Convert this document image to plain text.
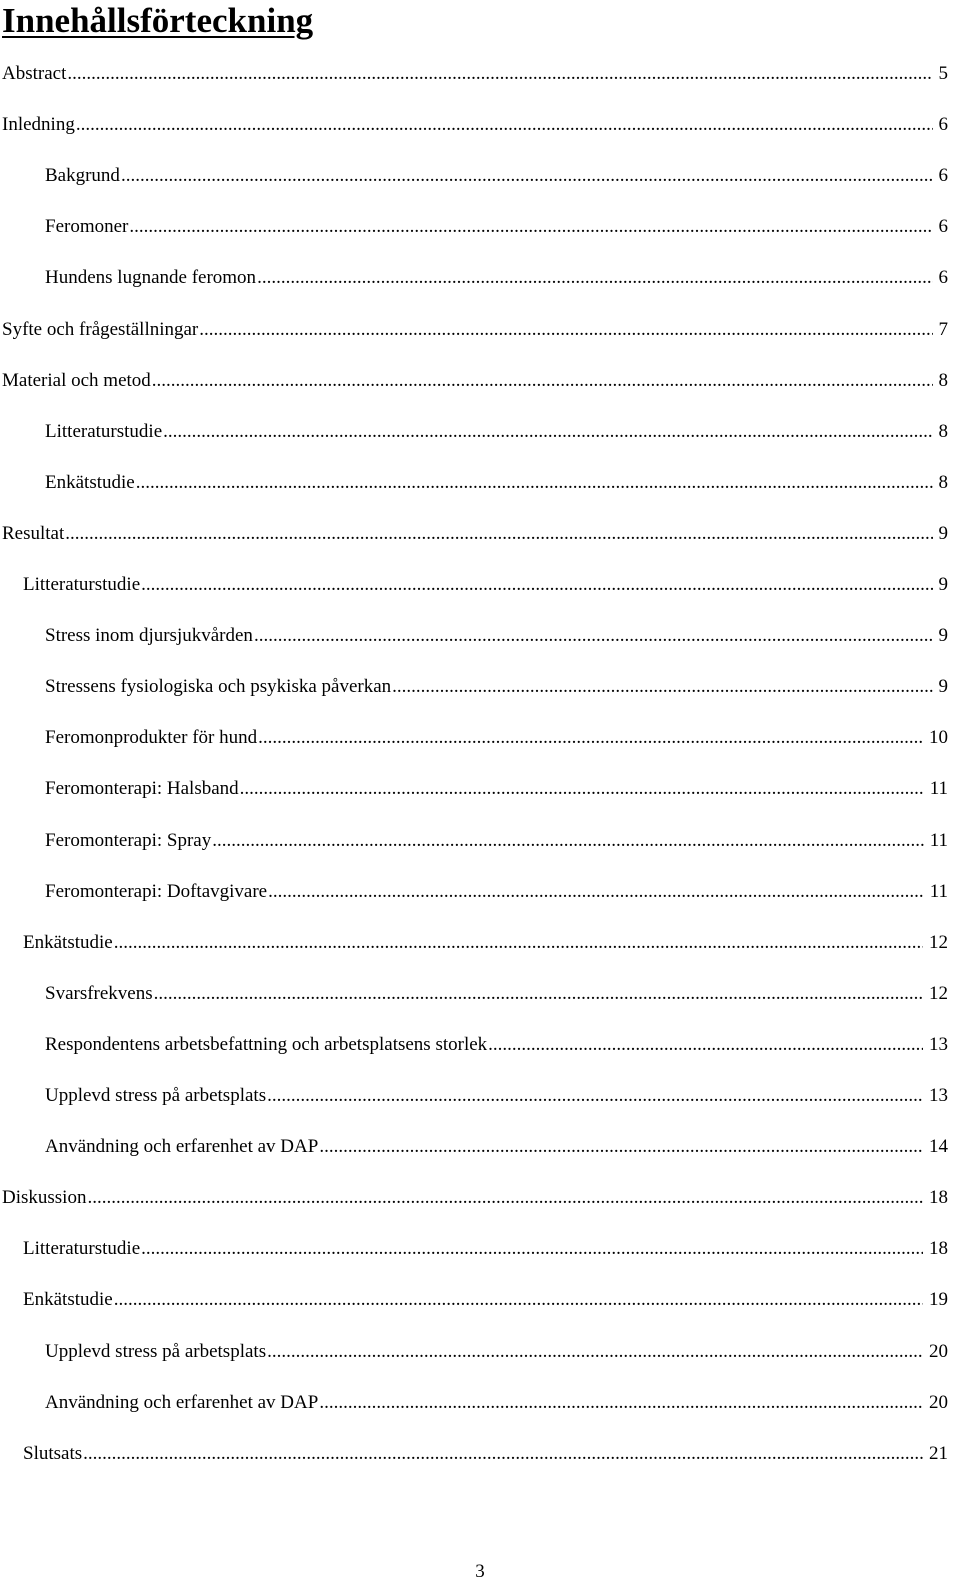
Innehållsförteckning
Abstract .....	5
Inledning .....	6
Bakgrund .....	6
Feromoner .....	6
Hundens lugnande feromon .....	6
Syfte och frågeställningar .....	7
Material och metod .....	8
Litteraturstudie .....	8
Enkätstudie .....	8
Resultat .....	9
Litteraturstudie .....	9
Stress inom djursjukvården .....	9
Stressens fysiologiska och psykiska påverkan .....	9
Feromonprodukter för hund .....	10
Feromonterapi: Halsband .....	11
Feromonterapi: Spray .....	11
Feromonterapi: Doftavgivare .....	11
Enkätstudie .....	12
Svarsfrekvens .....	12
Respondentens arbetsbefattning och arbetsplatsens storlek .....	13
Upplevd stress på arbetsplats .....	13
Användning och erfarenhet av DAP .....	14
Diskussion .....	18
Litteraturstudie .....	18
Enkätstudie .....	19
Upplevd stress på arbetsplats .....	20
Användning och erfarenhet av DAP .....	20
Slutsats .....	21
3
